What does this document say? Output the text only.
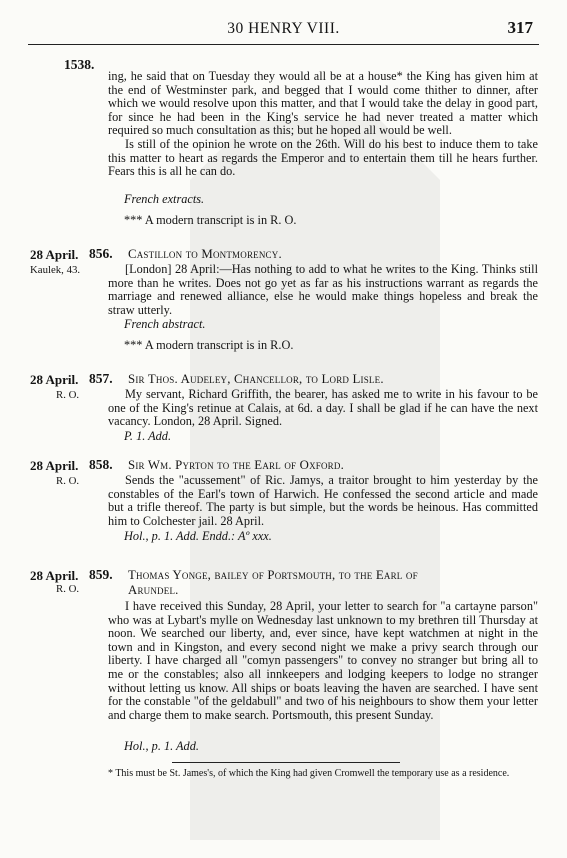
30 HENRY VIII.	317
1538.

ing, he said that on Tuesday they would all be at a house* the King has given him at the end of Westminster park, and begged that I would come thither to dinner, after which we would resolve upon this matter, and that I would take the delay in good part, for since he had been in the King's service he had never treated a matter which required so much consultation as this; but he hoped all would be well.

Is still of the opinion he wrote on the 26th. Will do his best to induce them to take this matter to heart as regards the Emperor and to entertain them till he hears further. Fears this is all he can do.

French extracts.
*** A modern transcript is in R. O.
28 April. 856. Castillon to Montmorency.
Kaulek, 43.	[London] 28 April:—Has nothing to add to what he writes to the King. Thinks still more than he writes. Does not go yet as far as his instructions warrant as regards the marriage and renewed alliance, else he would make things hopeless and break the straw utterly.
French abstract.
*** A modern transcript is in R.O.
28 April. 857. Sir Thos. Audeley, Chancellor, to Lord Lisle.
R. O.	My servant, Richard Griffith, the bearer, has asked me to write in his favour to be one of the King's retinue at Calais, at 6d. a day. I shall be glad if he can have the next vacancy. London, 28 April. Signed.
P. 1. Add.
28 April. 858. Sir Wm. Pyrton to the Earl of Oxford.
R. O.	Sends the "acussement" of Ric. Jamys, a traitor brought to him yesterday by the constables of the Earl's town of Harwich. He confessed the second article and made but a trifle thereof. The party is but simple, but the words be heinous. Has committed him to Colchester jail. 28 April.
Hol., p. 1. Add. Endd.: Aº xxx.
28 April. 859. Thomas Yonge, bailey of Portsmouth, to the Earl of
Arundel.
R. O.
I have received this Sunday, 28 April, your letter to search for "a cartayne parson" who was at Lybart's mylle on Wednesday last unknown to my brethren till Thursday at noon. We searched our liberty, and, ever since, have kept watchmen at night in the town and in Kingston, and every second night we make a privy search through our liberty. I have charged all "comyn passengers" to convey no stranger but bring all to me or the constables; also all innkeepers and lodging keepers to lodge no stranger without letting us know. All ships or boats leaving the haven are searched. I have sent for the constable "of the geldabull" and two of his neighbours to show them your letter and charge them to make search. Portsmouth, this present Sunday.
Hol., p. 1. Add.
* This must be St. James's, of which the King had given Cromwell the temporary use as a residence.
